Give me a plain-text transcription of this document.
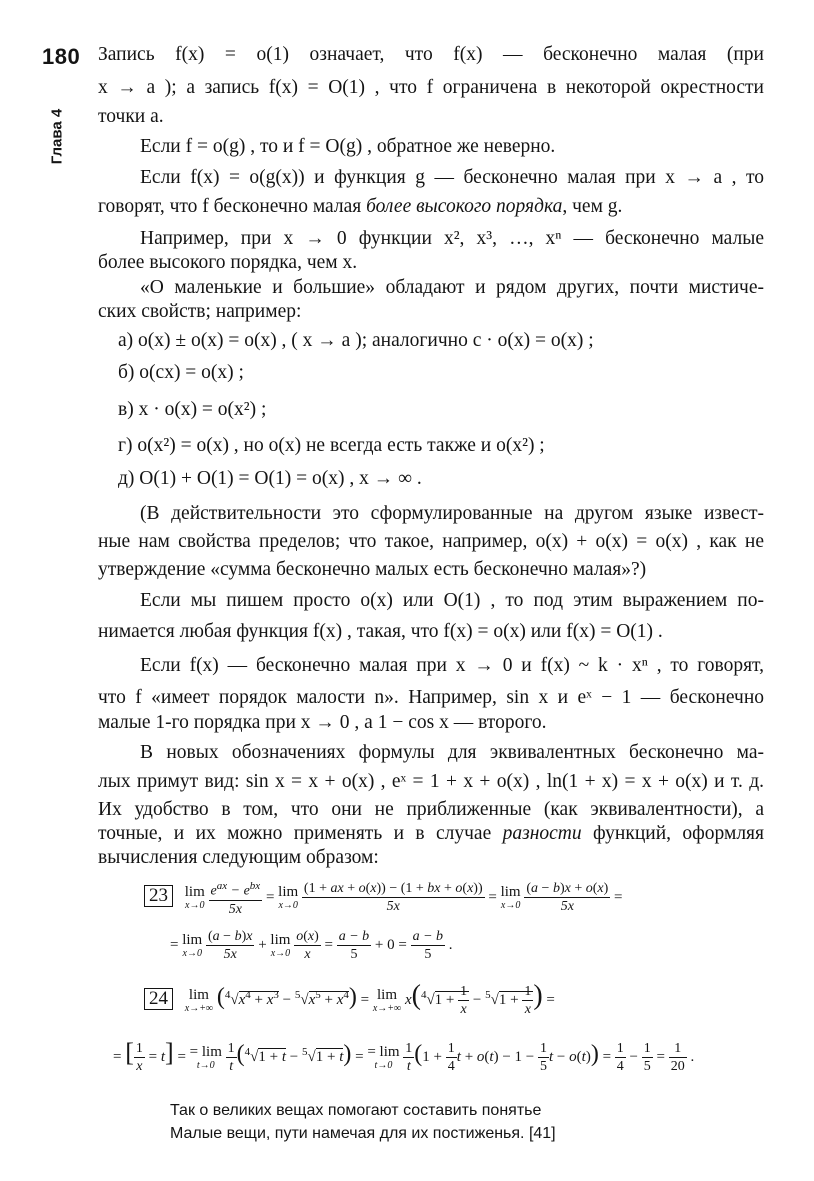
180
Глава 4
Запись f(x) = o(1) означает, что f(x) — бесконечно малая (при
x → a ); а запись f(x) = O(1) , что f ограничена в некоторой окрестности
точки a.
Если f = o(g) , то и f = O(g) , обратное же неверно.
Если f(x) = o(g(x)) и функция g — бесконечно малая при x → a , то
говорят, что f бесконечно малая более высокого порядка, чем g.
Например, при x → 0 функции x², x³, …, xⁿ — бесконечно малые
более высокого порядка, чем x.
«О маленькие и большие» обладают и рядом других, почти мистиче-
ских свойств; например:
а) o(x) ± o(x) = o(x) , ( x → a ); аналогично c · o(x) = o(x) ;
б) o(cx) = o(x) ;
в) x · o(x) = o(x²) ;
г) o(x²) = o(x) , но o(x) не всегда есть также и o(x²) ;
д) O(1) + O(1) = O(1) = o(x) , x → ∞ .
(В действительности это сформулированные на другом языке извест-
ные нам свойства пределов; что такое, например, o(x) + o(x) = o(x) , как не
утверждение «сумма бесконечно малых есть бесконечно малая»?)
Если мы пишем просто o(x) или O(1) , то под этим выражением по-
нимается любая функция f(x) , такая, что f(x) = o(x) или f(x) = O(1) .
Если f(x) — бесконечно малая при x → 0 и f(x) ~ k · xⁿ , то говорят,
что f «имеет порядок малости n». Например, sin x и eˣ − 1 — бесконечно
малые 1-го порядка при x → 0 , а 1 − cos x — второго.
В новых обозначениях формулы для эквивалентных бесконечно ма-
лых примут вид: sin x = x + o(x) , eˣ = 1 + x + o(x) , ln(1 + x) = x + o(x) и т. д.
Их удобство в том, что они не приближенные (как эквивалентности), а
точные, и их можно применять и в случае разности функций, оформляя
вычисления следующим образом:
23 lim
x→0

$e^{ax} - e^{bx}$
5x
= lim
x→0
$\frac{(1 + ax + o(x)) - (1 + bx + o(x))}{5x} = \lim$
x→0
$\frac{(a - b)x + o(x)}{5x}$ =
= lim
x→0
$\frac{(a - b)x}{5x} + \lim$
x→0
$\frac{o(x)}{x} = \frac{a - b}{5} + 0 = \frac{a - b}{5}$ .
24 lim
x→+∞ $(^4√x^4 + x^3 - ^5√x^5 + x^4) = \lim$
x→+∞
$x(^4√1 + \frac{1}{x} - ^5√1 + \frac{1}{x}$ ) =
= [ $\frac{1}{x} = t$] = = lim
t→0
$\frac{1}{t} (^4√1 + t - ^5√1 + t)$ = = lim
t→0
$\frac{1}{t} (1 + \frac{1}{4}$ $t + o(t) - 1 - \frac{1}{5}$ $t - o(t)) = \frac{1}{4} - \frac{1}{5} = \frac{1}{20}$ .
Так о великих вещах помогают составить понятье
Малые вещи, пути намечая для их постиженья. [41]
